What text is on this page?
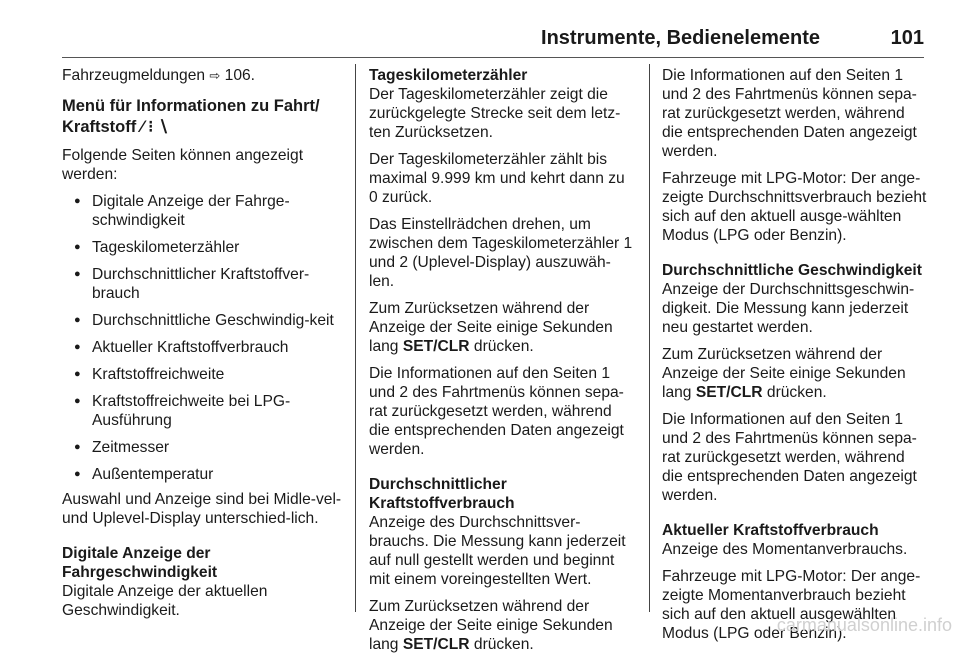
Instrumente, Bedienelemente	101

Fahrzeugmeldungen ⇨ 106.

Menü für Informationen zu Fahrt/ Kraftstoff ⁄ ⁝ ∖

Folgende Seiten können angezeigt werden:

● Digitale Anzeige der Fahrge-schwindigkeit
● Tageskilometerzähler
● Durchschnittlicher Kraftstoffver-brauch
● Durchschnittliche Geschwindig-keit
● Aktueller Kraftstoffverbrauch
● Kraftstoffreichweite
● Kraftstoffreichweite bei LPG-Ausführung
● Zeitmesser
● Außentemperatur

Auswahl und Anzeige sind bei Midle-vel- und Uplevel-Display unterschied-lich.

Digitale Anzeige der Fahrgeschwindigkeit

Digitale Anzeige der aktuellen Geschwindigkeit.

Tageskilometerzähler

Der Tageskilometerzähler zeigt die zurückgelegte Strecke seit dem letz-ten Zurücksetzen.

Der Tageskilometerzähler zählt bis maximal 9.999 km und kehrt dann zu 0 zurück.

Das Einstellrädchen drehen, um zwischen dem Tageskilometerzähler 1 und 2 (Uplevel-Display) auszuwäh-len.

Zum Zurücksetzen während der Anzeige der Seite einige Sekunden lang SET/CLR drücken.

Die Informationen auf den Seiten 1 und 2 des Fahrtmenüs können sepa-rat zurückgesetzt werden, während die entsprechenden Daten angezeigt werden.

Durchschnittlicher Kraftstoffverbrauch

Anzeige des Durchschnittsver-brauchs. Die Messung kann jederzeit auf null gestellt werden und beginnt mit einem voreingestellten Wert.

Zum Zurücksetzen während der Anzeige der Seite einige Sekunden lang SET/CLR drücken.

Die Informationen auf den Seiten 1 und 2 des Fahrtmenüs können sepa-rat zurückgesetzt werden, während die entsprechenden Daten angezeigt werden.

Fahrzeuge mit LPG-Motor: Der ange-zeigte Durchschnittsverbrauch bezieht sich auf den aktuell ausge-wählten Modus (LPG oder Benzin).

Durchschnittliche Geschwindigkeit

Anzeige der Durchschnittsgeschwin-digkeit. Die Messung kann jederzeit neu gestartet werden.

Zum Zurücksetzen während der Anzeige der Seite einige Sekunden lang SET/CLR drücken.

Die Informationen auf den Seiten 1 und 2 des Fahrtmenüs können sepa-rat zurückgesetzt werden, während die entsprechenden Daten angezeigt werden.

Aktueller Kraftstoffverbrauch

Anzeige des Momentanverbrauchs.

Fahrzeuge mit LPG-Motor: Der ange-zeigte Momentanverbrauch bezieht sich auf den aktuell ausgewählten Modus (LPG oder Benzin).

carmanualsonline.info
